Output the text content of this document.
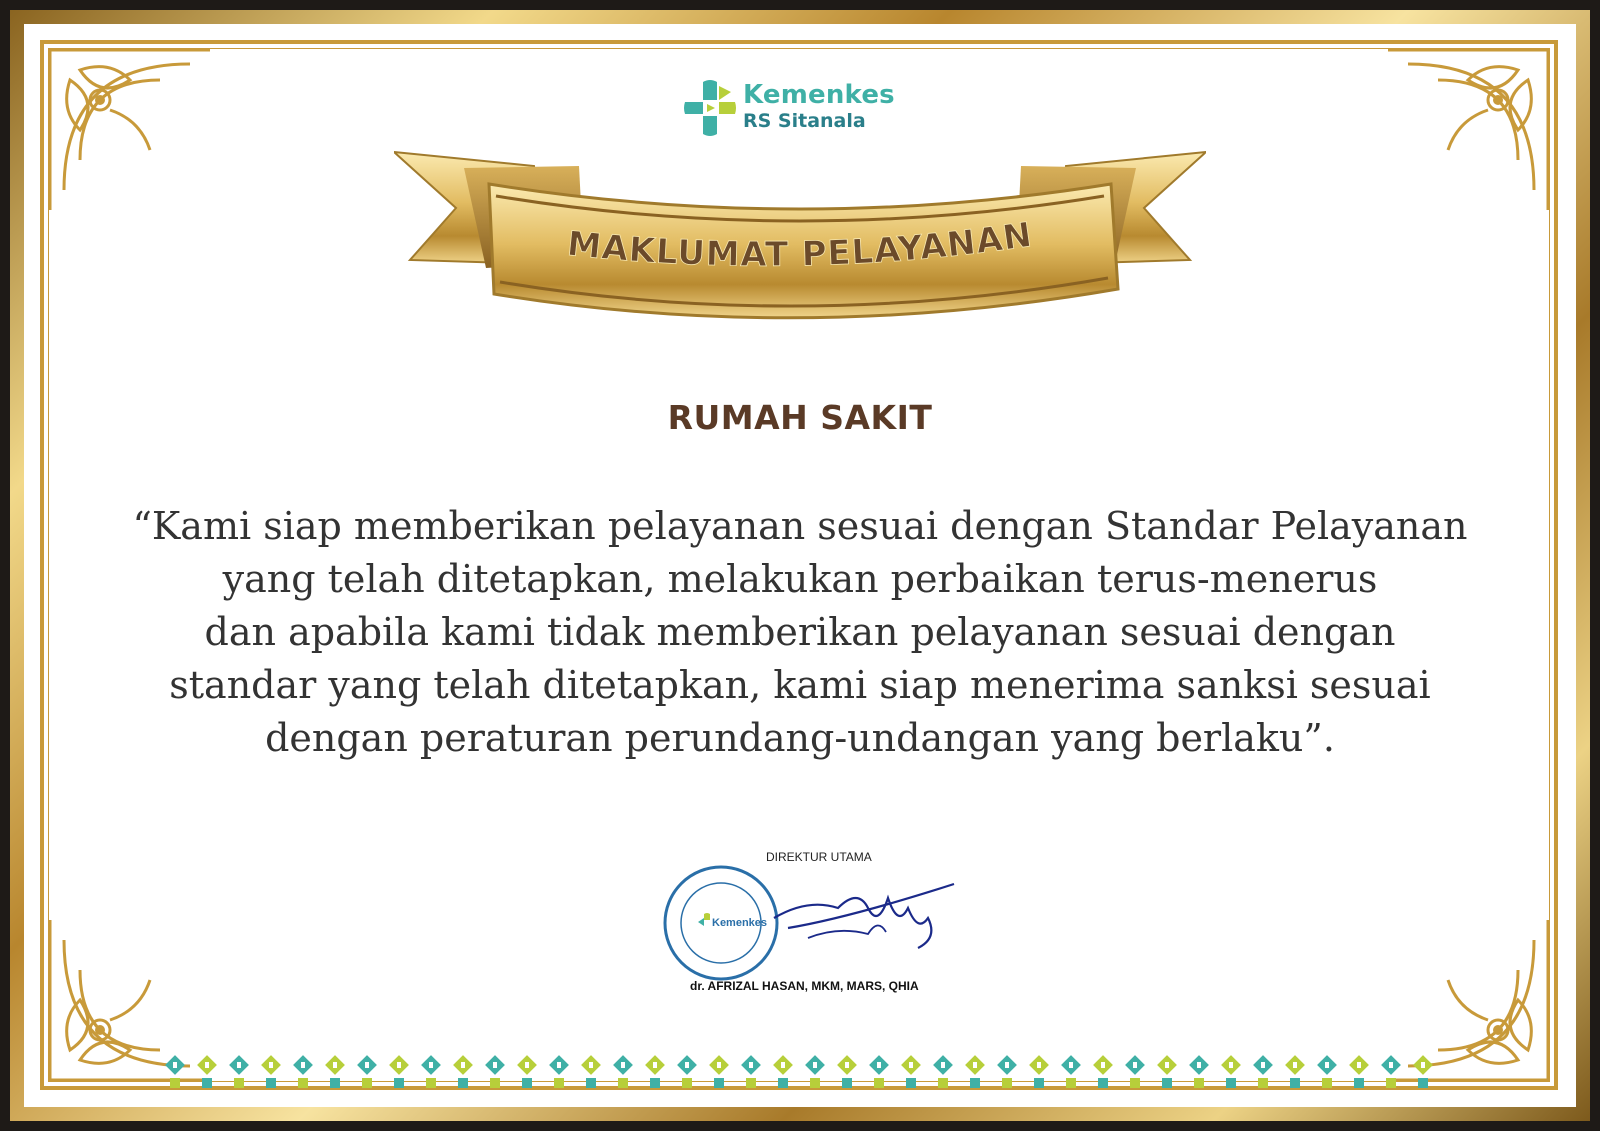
Kemenkes
RS Sitanala
MAKLUMAT PELAYANAN
RUMAH SAKIT
“Kami siap memberikan pelayanan sesuai dengan Standar Pelayanan
yang telah ditetapkan, melakukan perbaikan terus-menerus
dan apabila kami tidak memberikan pelayanan sesuai dengan
standar yang telah ditetapkan, kami siap menerima sanksi sesuai
dengan peraturan perundang-undangan yang berlaku”.
DIREKTUR UTAMA
Kemenkes
dr. AFRIZAL HASAN, MKM, MARS, QHIA
